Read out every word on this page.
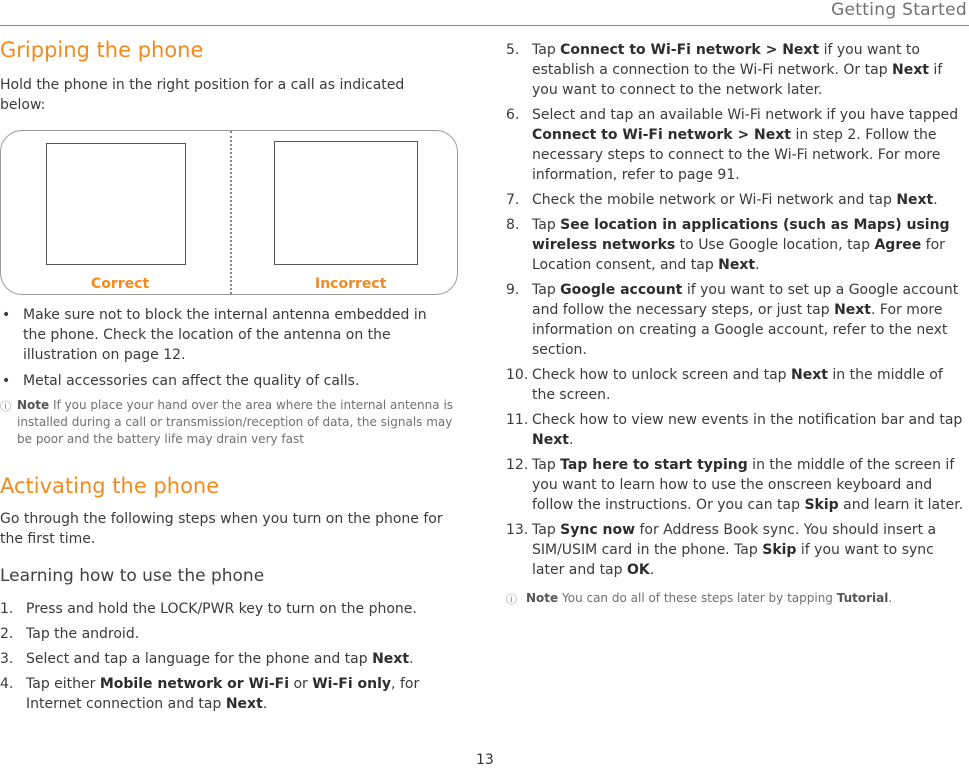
Getting Started
Gripping the phone

Hold the phone in the right position for a call as indicated below:

Correct	Incorrect
• Make sure not to block the internal antenna embedded in the phone. Check the location of the antenna on the illustration on page 12.
• Metal accessories can affect the quality of calls.
ⓘ Note If you place your hand over the area where the internal antenna is installed during a call or transmission/reception of data, the signals may be poor and the battery life may drain very fast
Activating the phone

Go through the following steps when you turn on the phone for the first time.

Learning how to use the phone
1. Press and hold the LOCK/PWR key to turn on the phone.
2. Tap the android.
3. Select and tap a language for the phone and tap Next.
4. Tap either Mobile network or Wi-Fi or Wi-Fi only, for Internet connection and tap Next.
5. Tap Connect to Wi-Fi network > Next if you want to establish a connection to the Wi-Fi network. Or tap Next if you want to connect to the network later.
6. Select and tap an available Wi-Fi network if you have tapped Connect to Wi-Fi network > Next in step 2. Follow the necessary steps to connect to the Wi-Fi network. For more information, refer to page 91.
7. Check the mobile network or Wi-Fi network and tap Next.
8. Tap See location in applications (such as Maps) using wireless networks to Use Google location, tap Agree for Location consent, and tap Next.
9. Tap Google account if you want to set up a Google account and follow the necessary steps, or just tap Next. For more information on creating a Google account, refer to the next section.
10. Check how to unlock screen and tap Next in the middle of the screen.
11. Check how to view new events in the notification bar and tap Next.
12. Tap Tap here to start typing in the middle of the screen if you want to learn how to use the onscreen keyboard and follow the instructions. Or you can tap Skip and learn it later.
13. Tap Sync now for Address Book sync. You should insert a SIM/USIM card in the phone. Tap Skip if you want to sync later and tap OK.
ⓘ Note You can do all of these steps later by tapping Tutorial.
13
